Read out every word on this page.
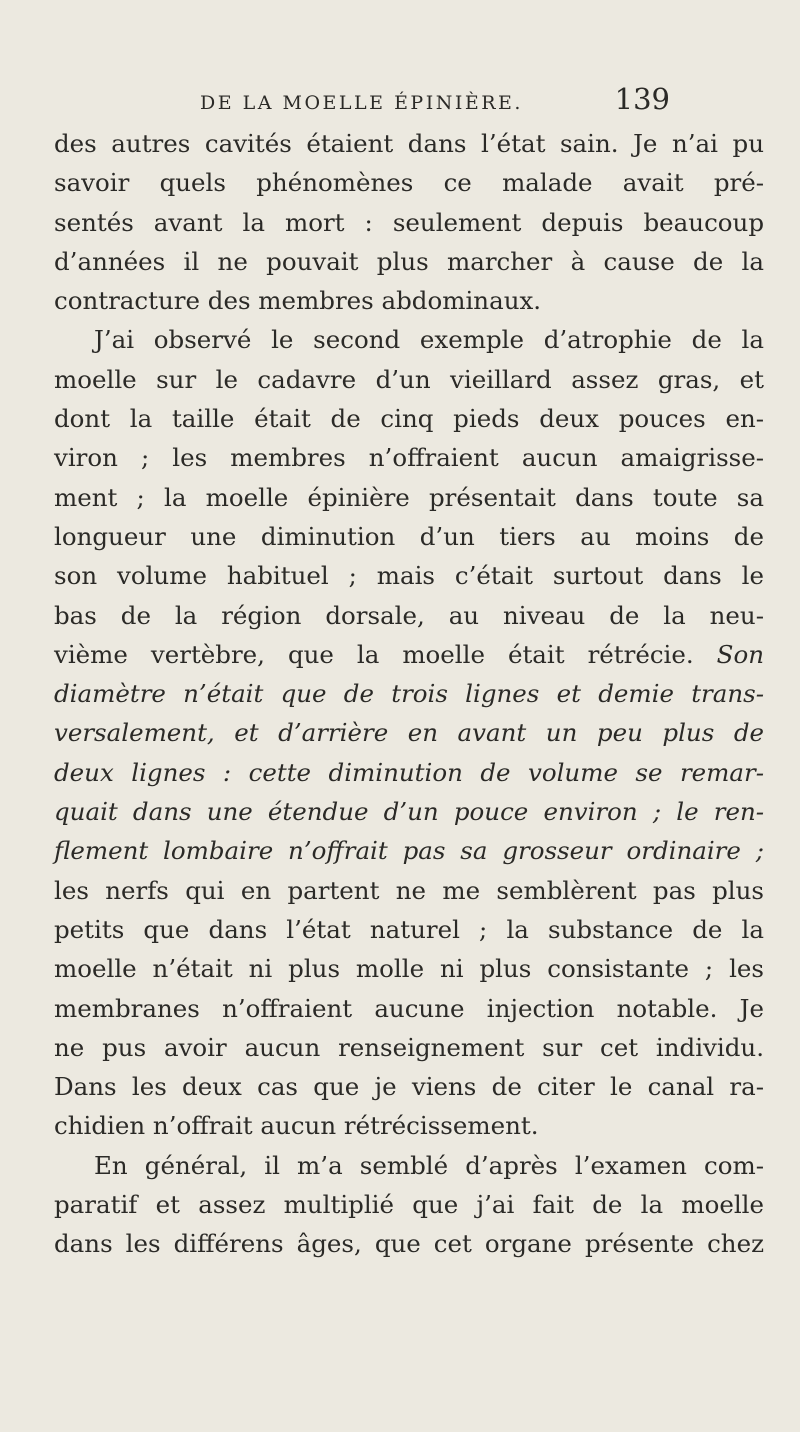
DE LA MOELLE ÉPINIÈRE.	139
des autres cavités étaient dans l’état sain. Je n’ai pu
savoir quels phénomènes ce malade avait pré-
sentés avant la mort : seulement depuis beaucoup
d’années il ne pouvait plus marcher à cause de la
contracture des membres abdominaux.
J’ai observé le second exemple d’atrophie de la
moelle sur le cadavre d’un vieillard assez gras, et
dont la taille était de cinq pieds deux pouces en-
viron ; les membres n’offraient aucun amaigrisse-
ment ; la moelle épinière présentait dans toute sa
longueur une diminution d’un tiers au moins de
son volume habituel ; mais c’était surtout dans le
bas de la région dorsale, au niveau de la neu-
vième vertèbre, que la moelle était rétrécie. Son
diamètre n’était que de trois lignes et demie trans-
versalement, et d’arrière en avant un peu plus de
deux lignes : cette diminution de volume se remar-
quait dans une étendue d’un pouce environ ; le ren-
flement lombaire n’offrait pas sa grosseur ordinaire ;
les nerfs qui en partent ne me semblèrent pas plus
petits que dans l’état naturel ; la substance de la
moelle n’était ni plus molle ni plus consistante ; les
membranes n’offraient aucune injection notable. Je
ne pus avoir aucun renseignement sur cet individu.
Dans les deux cas que je viens de citer le canal ra-
chidien n’offrait aucun rétrécissement.
En général, il m’a semblé d’après l’examen com-
paratif et assez multiplié que j’ai fait de la moelle
dans les différens âges, que cet organe présente chez
